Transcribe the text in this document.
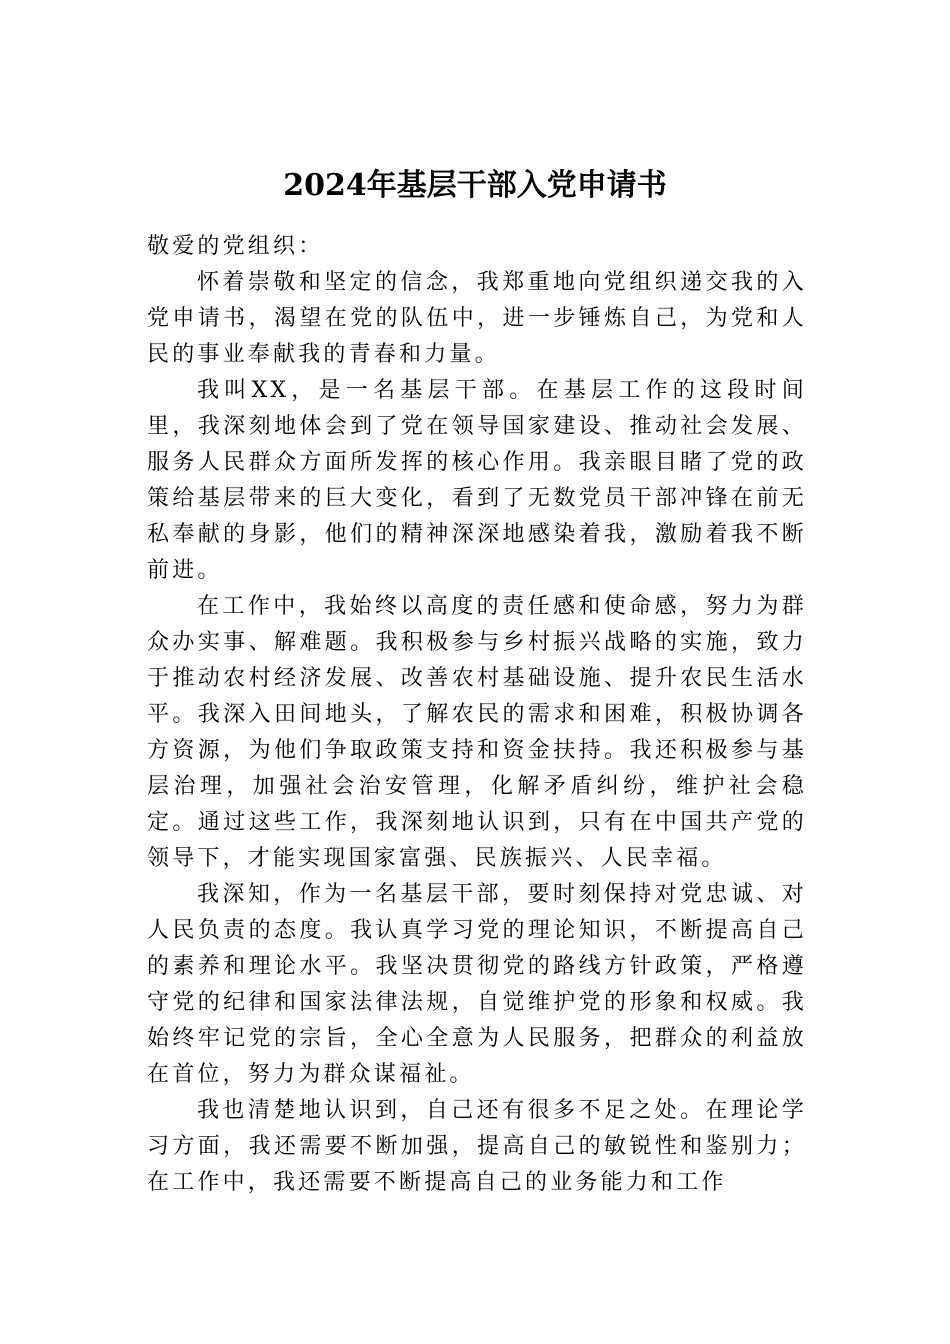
2024年基层干部入党申请书

敬爱的党组织：

怀着崇敬和坚定的信念，我郑重地向党组织递交我的入党申请书，渴望在党的队伍中，进一步锤炼自己，为党和人民的事业奉献我的青春和力量。

我叫XX，是一名基层干部。在基层工作的这段时间里，我深刻地体会到了党在领导国家建设、推动社会发展、服务人民群众方面所发挥的核心作用。我亲眼目睹了党的政策给基层带来的巨大变化，看到了无数党员干部冲锋在前无私奉献的身影，他们的精神深深地感染着我，激励着我不断前进。

在工作中，我始终以高度的责任感和使命感，努力为群众办实事、解难题。我积极参与乡村振兴战略的实施，致力于推动农村经济发展、改善农村基础设施、提升农民生活水平。我深入田间地头，了解农民的需求和困难，积极协调各方资源，为他们争取政策支持和资金扶持。我还积极参与基层治理，加强社会治安管理，化解矛盾纠纷，维护社会稳定。通过这些工作，我深刻地认识到，只有在中国共产党的领导下，才能实现国家富强、民族振兴、人民幸福。

我深知，作为一名基层干部，要时刻保持对党忠诚、对人民负责的态度。我认真学习党的理论知识，不断提高自己的素养和理论水平。我坚决贯彻党的路线方针政策，严格遵守党的纪律和国家法律法规，自觉维护党的形象和权威。我始终牢记党的宗旨，全心全意为人民服务，把群众的利益放在首位，努力为群众谋福祉。

我也清楚地认识到，自己还有很多不足之处。在理论学习方面，我还需要不断加强，提高自己的敏锐性和鉴别力；在工作中，我还需要不断提高自己的业务能力和工作
